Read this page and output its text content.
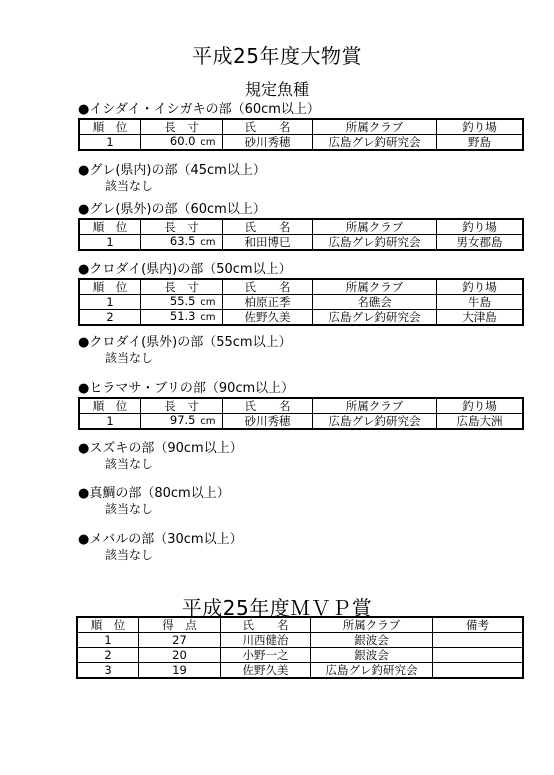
平成25年度大物賞
規定魚種
●イシダイ・イシガキの部（60cm以上）
順　位	長　寸	氏　　名	所属クラブ	釣り場
1	60.0 cm	砂川秀穂	広島グレ釣研究会	野島
●グレ(県内)の部（45cm以上）
該当なし
●グレ(県外)の部（60cm以上）
順　位	長　寸	氏　　名	所属クラブ	釣り場
1	63.5 cm	和田博巳	広島グレ釣研究会	男女郡島
●クロダイ(県内)の部（50cm以上）
順　位	長　寸	氏　　名	所属クラブ	釣り場
1	55.5 cm	柏原正季	名礁会	牛島
2	51.3 cm	佐野久美	広島グレ釣研究会	大津島
●クロダイ(県外)の部（55cm以上）
該当なし
●ヒラマサ・ブリの部（90cm以上）
順　位	長　寸	氏　　名	所属クラブ	釣り場
1	97.5 cm	砂川秀穂	広島グレ釣研究会	広島大洲
●スズキの部（90cm以上）
該当なし
●真鯛の部（80cm以上）
該当なし
●メバルの部（30cm以上）
該当なし
平成25年度ＭＶＰ賞
順　位	得　点	氏　　名	所属クラブ	備考
1	27	川西健治	銀波会	
2	20	小野一之	銀波会	
3	19	佐野久美	広島グレ釣研究会	
